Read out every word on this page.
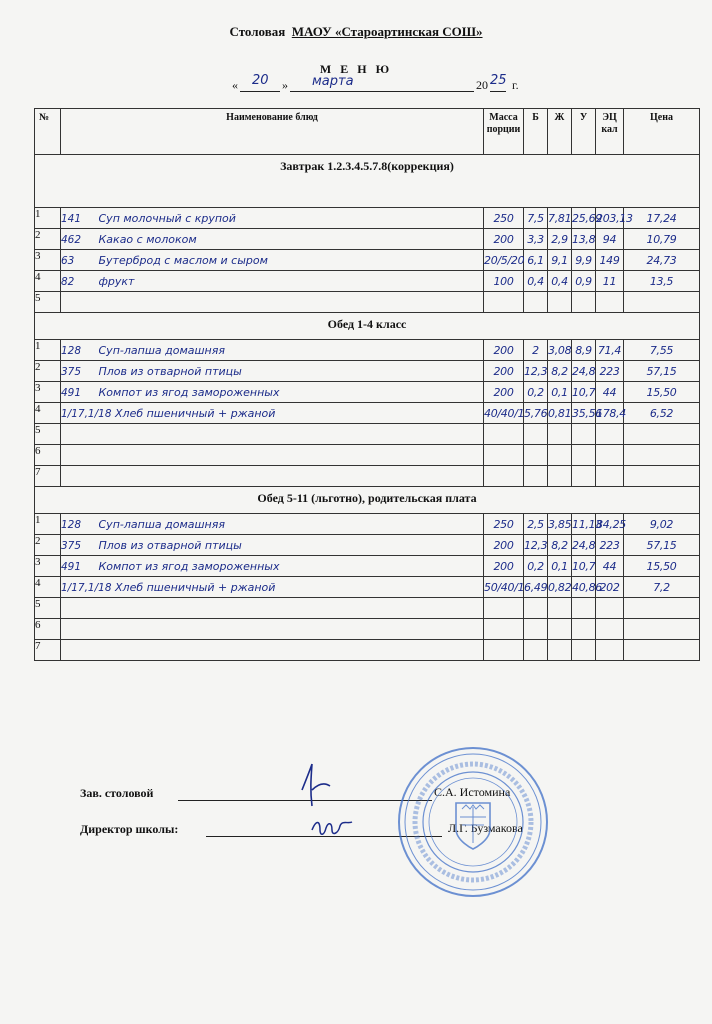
Столовая МАОУ «Староартинская СОШ»
М Е Н Ю
« 20 » марта	20 25 г.
№	Наименование блюд	Масса порции	Б	Ж	У	ЭЦ кал	Цена
Завтрак 1.2.3.4.5.7.8(коррекция)							
1	141 Суп молочный с крупой	250	7,5	7,81	25,69	203,13	17,24
2	462 Какао с молоком	200	3,3	2,9	13,8	94	10,79
3	63 Бутерброд с маслом и сыром	20/5/20	6,1	9,1	9,9	149	24,73
4	82 фрукт	100	0,4	0,4	0,9	11	13,5
5							
Обед 1-4 класс							
1	128 Суп-лапша домашняя	200	2	3,08	8,9	71,4	7,55
2	375 Плов из отварной птицы	200	12,3	8,2	24,8	223	57,15
3	491 Компот из ягод замороженных	200	0,2	0,1	10,7	44	15,50
4	1/17,1/18 Хлеб пшеничный + ржаной	40/40/1	5,76	0,81	35,56	178,4	6,52
5							
6							
7							
Обед 5-11 (льготно), родительская плата							
1	128 Суп-лапша домашняя	250	2,5	3,85	11,13	84,25	9,02
2	375 Плов из отварной птицы	200	12,3	8,2	24,8	223	57,15
3	491 Компот из ягод замороженных	200	0,2	0,1	10,7	44	15,50
4	1/17,1/18 Хлеб пшеничный + ржаной	50/40/1	6,49	0,82	40,86	202	7,2
5							
6							
7							
Зав. столовой	С.А. Истомина
Директор школы:	Л.Г. Бузмакова
